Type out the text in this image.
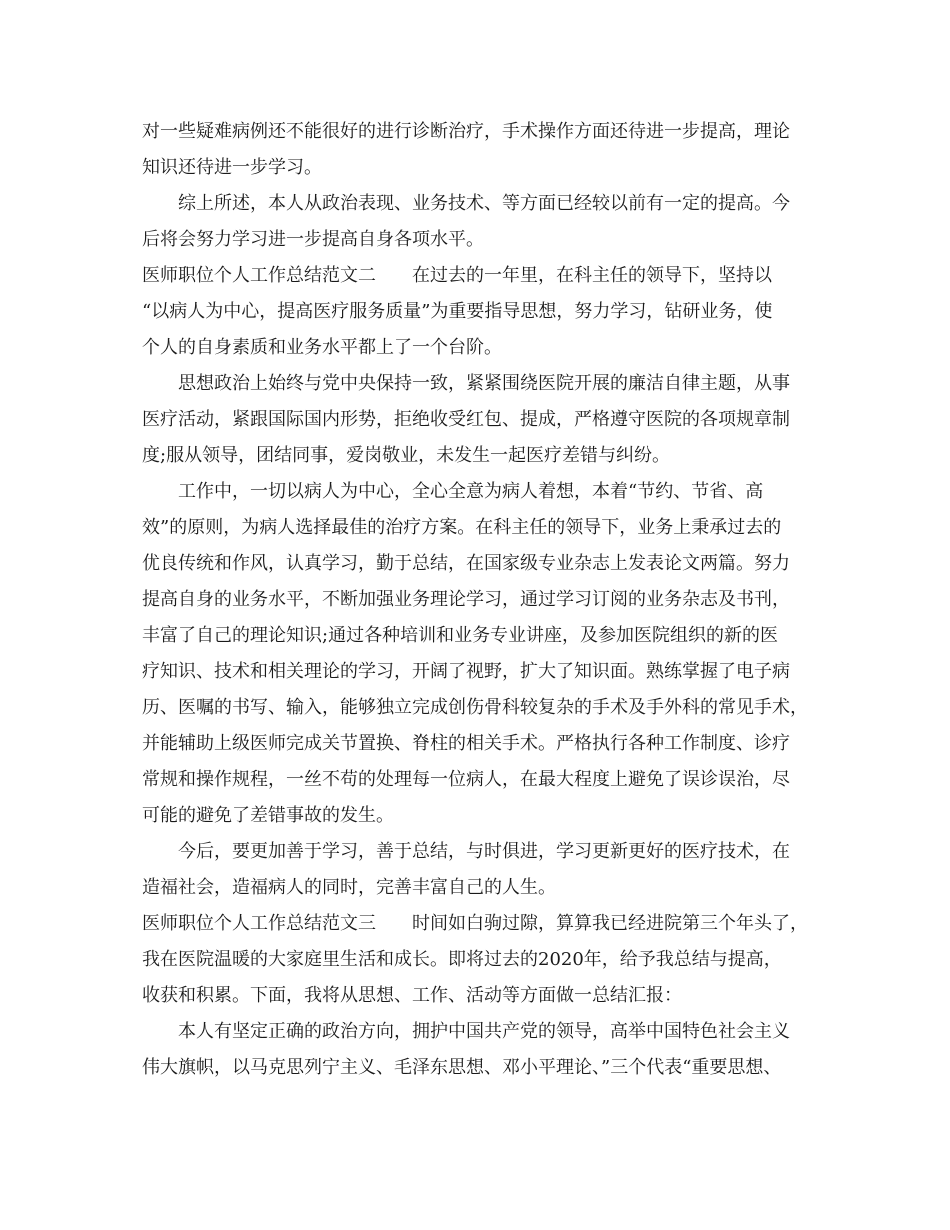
对一些疑难病例还不能很好的进行诊断治疗，手术操作方面还待进一步提高，理论

知识还待进一步学习。

综上所述，本人从政治表现、业务技术、等方面已经较以前有一定的提高。今

后将会努力学习进一步提高自身各项水平。

医师职位个人工作总结范文二　　在过去的一年里，在科主任的领导下，坚持以

“以病人为中心，提高医疗服务质量”为重要指导思想，努力学习，钻研业务，使

个人的自身素质和业务水平都上了一个台阶。

思想政治上始终与党中央保持一致，紧紧围绕医院开展的廉洁自律主题，从事

医疗活动，紧跟国际国内形势，拒绝收受红包、提成，严格遵守医院的各项规章制

度;服从领导，团结同事，爱岗敬业，未发生一起医疗差错与纠纷。

工作中，一切以病人为中心，全心全意为病人着想，本着“节约、节省、高

效”的原则，为病人选择最佳的治疗方案。在科主任的领导下，业务上秉承过去的

优良传统和作风，认真学习，勤于总结，在国家级专业杂志上发表论文两篇。努力

提高自身的业务水平，不断加强业务理论学习，通过学习订阅的业务杂志及书刊，

丰富了自己的理论知识;通过各种培训和业务专业讲座，及参加医院组织的新的医

疗知识、技术和相关理论的学习，开阔了视野，扩大了知识面。熟练掌握了电子病

历、医嘱的书写、输入，能够独立完成创伤骨科较复杂的手术及手外科的常见手术，

并能辅助上级医师完成关节置换、脊柱的相关手术。严格执行各种工作制度、诊疗

常规和操作规程，一丝不苟的处理每一位病人，在最大程度上避免了误诊误治，尽

可能的避免了差错事故的发生。

今后，要更加善于学习，善于总结，与时俱进，学习更新更好的医疗技术，在

造福社会，造福病人的同时，完善丰富自己的人生。

医师职位个人工作总结范文三　　时间如白驹过隙，算算我已经进院第三个年头了，

我在医院温暖的大家庭里生活和成长。即将过去的2020年，给予我总结与提高，

收获和积累。下面，我将从思想、工作、活动等方面做一总结汇报：

本人有坚定正确的政治方向，拥护中国共产党的领导，高举中国特色社会主义

伟大旗帜，以马克思列宁主义、毛泽东思想、邓小平理论、”三个代表“重要思想、
